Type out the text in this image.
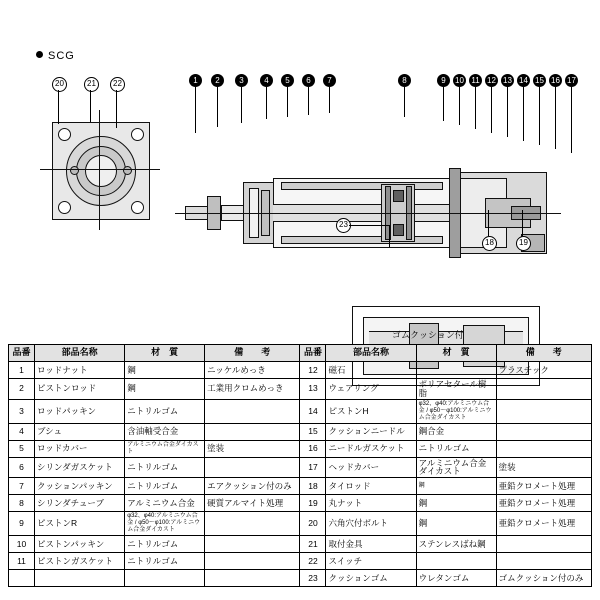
SCG
20	21	22	1	2	3	4	5	6	7	8	9	10 11 12 13 14 15 16 17
18	19
23
ゴムクッション付
品番	部品名称	材　質	備　　考	品番	部品名称	材　質	備　　考
1	ロッドナット	鋼	ニッケルめっき	12	磁石		プラスチック
2	ピストンロッド	鋼	工業用クロムめっき	13	ウェアリング	ポリアセタール樹脂	
3	ロッドパッキン	ニトリルゴム		14	ピストンH	φ32、φ40:アルミニウム合金 / φ50〜φ100:アルミニウム合金ダイカスト	
4	ブシュ	含油軸受合金		15	クッションニードル	鋼合金	
5	ロッドカバー	アルミニウム合金ダイカスト	塗装	16	ニードルガスケット	ニトリルゴム	
6	シリンダガスケット	ニトリルゴム		17	ヘッドカバー	アルミニウム合金ダイカスト	塗装
7	クッションパッキン	ニトリルゴム	エアクッション付のみ	18	タイロッド	鋼	亜鉛クロメート処理
8	シリンダチューブ	アルミニウム合金	硬質アルマイト処理	19	丸ナット	鋼	亜鉛クロメート処理
9	ピストンR	φ32、φ40:アルミニウム合金 / φ50〜φ100:アルミニウム合金ダイカスト		20	六角穴付ボルト	鋼	亜鉛クロメート処理
10	ピストンパッキン	ニトリルゴム		21	取付金具	ステンレスばね鋼	
11	ピストンガスケット	ニトリルゴム		22	スイッチ		
				23	クッションゴム	ウレタンゴム	ゴムクッション付のみ
